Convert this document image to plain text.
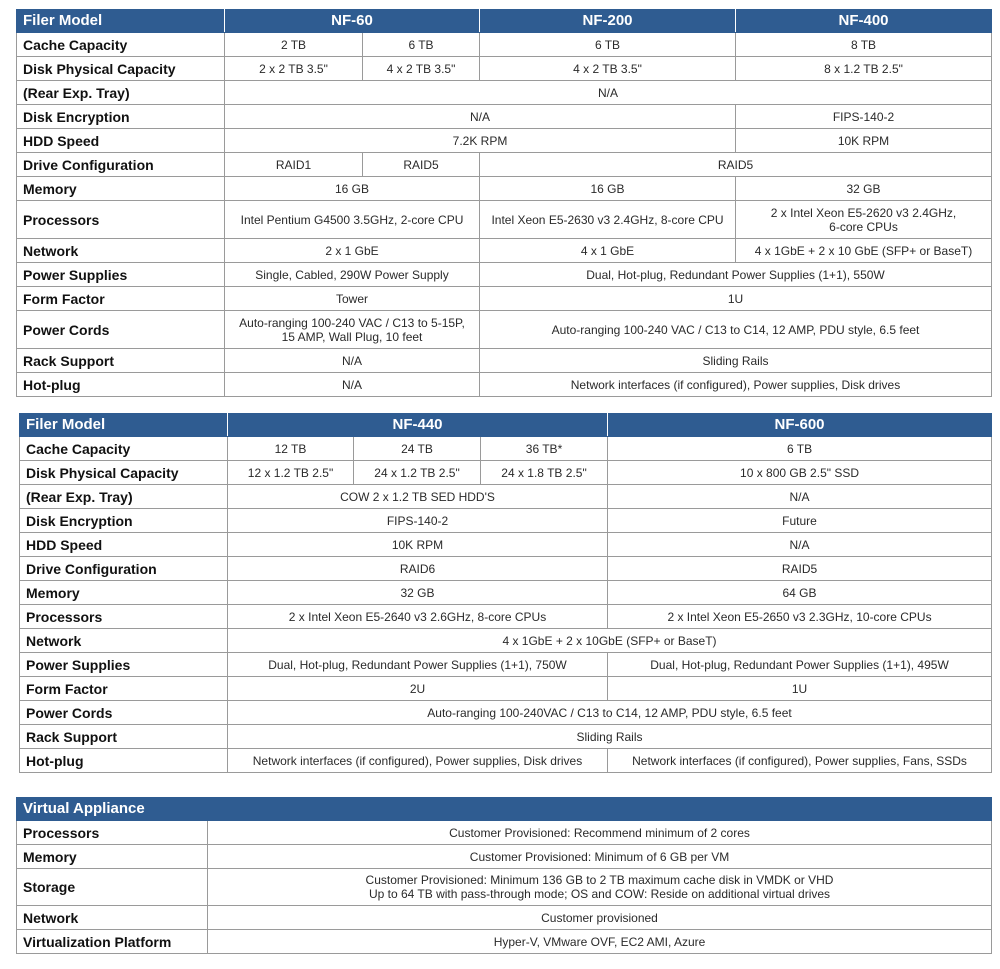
Filer Model	NF-60		NF-200	NF-400
Cache Capacity	2 TB	6 TB	6 TB	8 TB
Disk Physical Capacity	2 x 2 TB 3.5"	4 x 2 TB 3.5"	4 x 2 TB 3.5"	8 x 1.2 TB 2.5"
(Rear Exp. Tray)	N/A			
Disk Encryption	N/A			FIPS-140-2
HDD Speed	7.2K RPM			10K RPM
Drive Configuration	RAID1	RAID5	RAID5	
Memory	16 GB		16 GB	32 GB
Processors	Intel Pentium G4500 3.5GHz, 2-core CPU		Intel Xeon E5-2630 v3 2.4GHz, 8-core CPU	2 x Intel Xeon E5-2620 v3 2.4GHz,
6-core CPUs
Network	2 x 1 GbE		4 x 1 GbE	4 x 1GbE + 2 x 10 GbE (SFP+ or BaseT)
Power Supplies	Single, Cabled, 290W Power Supply		Dual, Hot-plug, Redundant Power Supplies (1+1), 550W	
Form Factor	Tower		1U	
Power Cords	Auto-ranging 100-240 VAC / C13 to 5-15P,
15 AMP, Wall Plug, 10 feet		Auto-ranging 100-240 VAC / C13 to C14, 12 AMP, PDU style, 6.5 feet	
Rack Support	N/A		Sliding Rails	
Hot-plug	N/A		Network interfaces (if configured), Power supplies, Disk drives	
Filer Model	NF-440			NF-600
Cache Capacity	12 TB	24 TB	36 TB*	6 TB
Disk Physical Capacity	12 x 1.2 TB 2.5"	24 x 1.2 TB 2.5"	24 x 1.8 TB 2.5"	10 x 800 GB 2.5" SSD
(Rear Exp. Tray)	COW 2 x 1.2 TB SED HDD'S			N/A
Disk Encryption	FIPS-140-2			Future
HDD Speed	10K RPM			N/A
Drive Configuration	RAID6			RAID5
Memory	32 GB			64 GB
Processors	2 x Intel Xeon E5-2640 v3 2.6GHz, 8-core CPUs			2 x Intel Xeon E5-2650 v3 2.3GHz, 10-core CPUs
Network	4 x 1GbE + 2 x 10GbE (SFP+ or BaseT)			
Power Supplies	Dual, Hot-plug, Redundant Power Supplies (1+1), 750W			Dual, Hot-plug, Redundant Power Supplies (1+1), 495W
Form Factor	2U			1U
Power Cords	Auto-ranging 100-240VAC / C13 to C14, 12 AMP, PDU style, 6.5 feet			
Rack Support	Sliding Rails			
Hot-plug	Network interfaces (if configured), Power supplies, Disk drives			Network interfaces (if configured), Power supplies, Fans, SSDs
Virtual Appliance	
Processors	Customer Provisioned: Recommend minimum of 2 cores
Memory	Customer Provisioned: Minimum of 6 GB per VM
Storage	Customer Provisioned: Minimum 136 GB to 2 TB maximum cache disk in VMDK or VHD
Up to 64 TB with pass-through mode; OS and COW: Reside on additional virtual drives
Network	Customer provisioned
Virtualization Platform	Hyper-V, VMware OVF, EC2 AMI, Azure
